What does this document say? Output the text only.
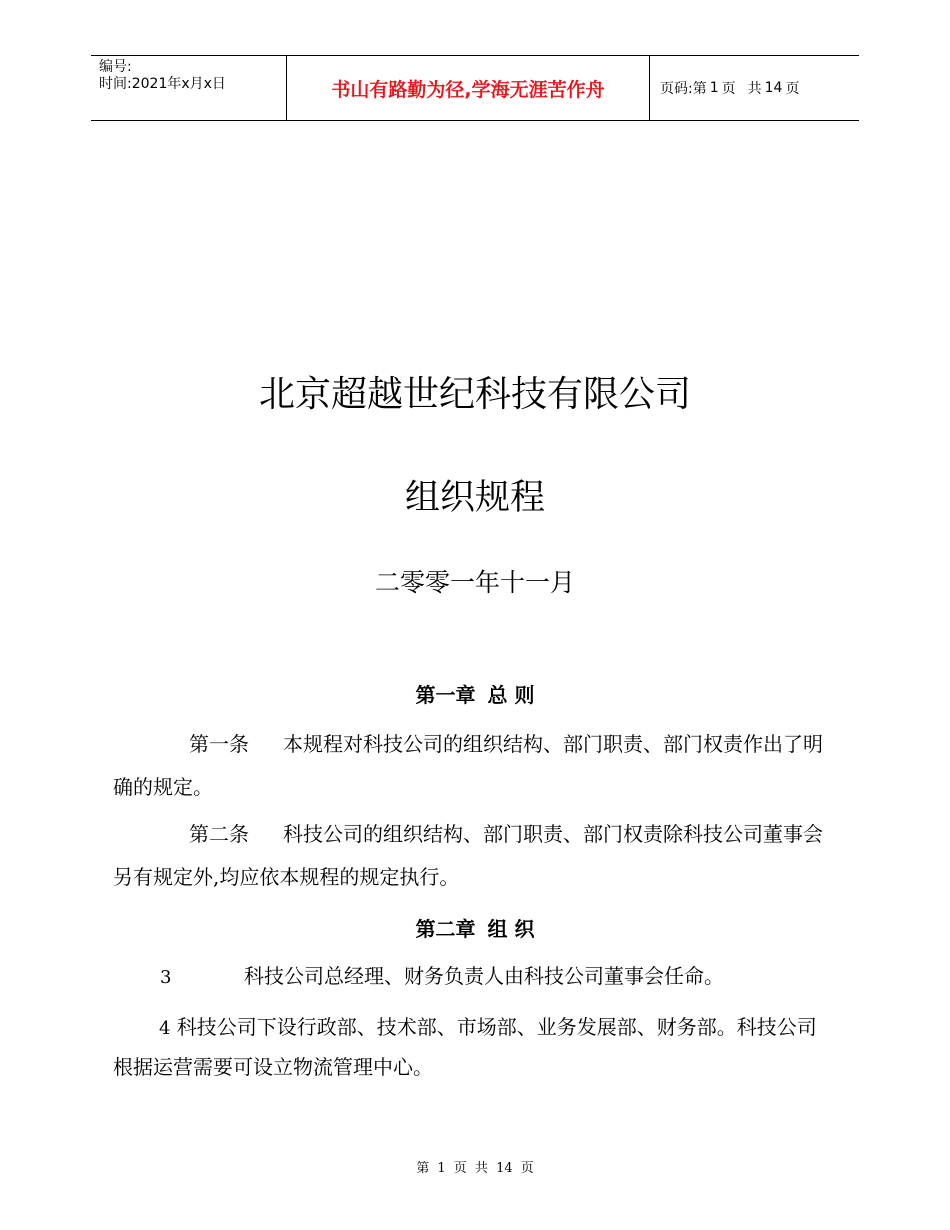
编号:
时间:2021年x月x日	书山有路勤为径,学海无涯苦作舟	页码:第 1 页 共 14 页
北京超越世纪科技有限公司
组织规程
二零零一年十一月
第一章 总 则
第一条 本规程对科技公司的组织结构、部门职责、部门权责作出了明确的规定。
第二条 科技公司的组织结构、部门职责、部门权责除科技公司董事会另有规定外,均应依本规程的规定执行。
第二章 组 织
3	科技公司总经理、财务负责人由科技公司董事会任命。
4 科技公司下设行政部、技术部、市场部、业务发展部、财务部。科技公司根据运营需要可设立物流管理中心。
第 1 页 共 14 页
